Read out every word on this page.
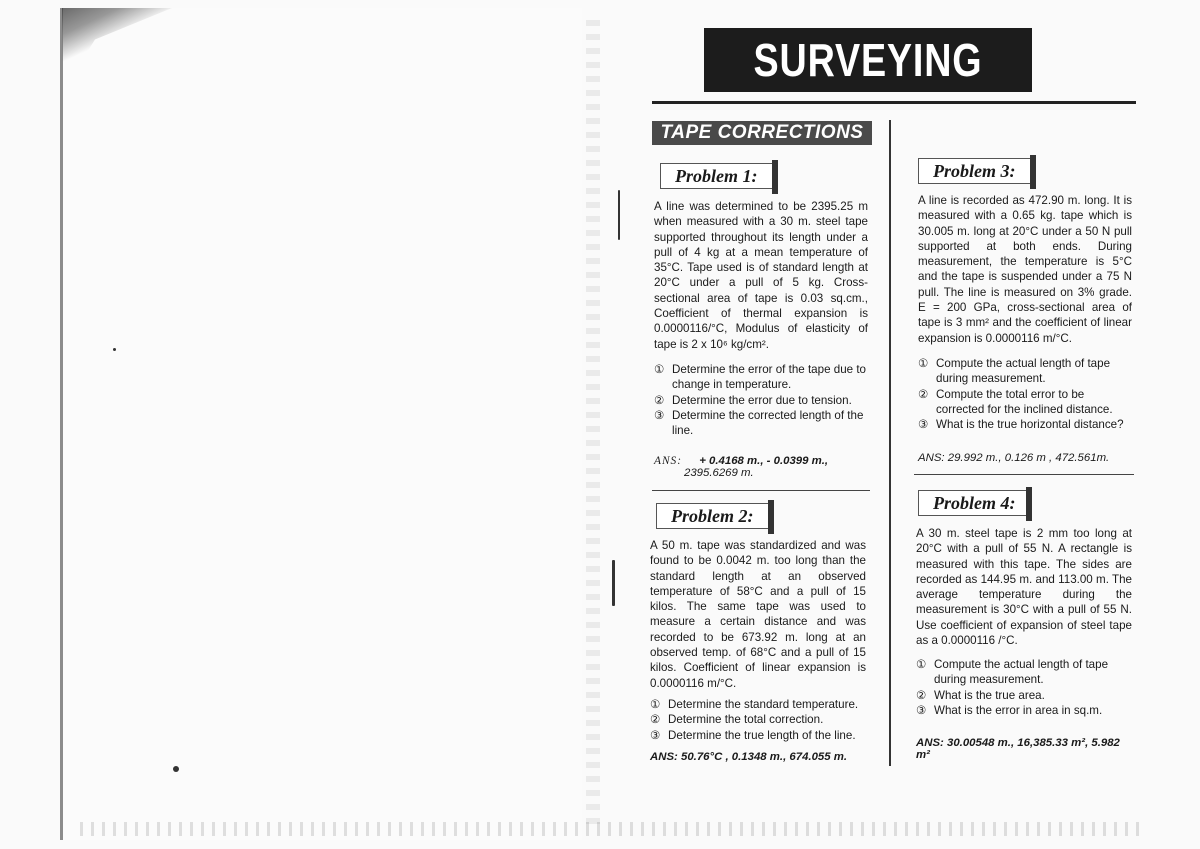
SURVEYING
TAPE CORRECTIONS
Problem 1:
A line was determined to be 2395.25 m when measured with a 30 m. steel tape supported throughout its length under a pull of 4 kg at a mean temperature of 35°C. Tape used is of standard length at 20°C under a pull of 5 kg. Cross-sectional area of tape is 0.03 sq.cm., Coefficient of thermal expansion is 0.0000116/°C, Modulus of elasticity of tape is 2 x 10⁶ kg/cm².
① Determine the error of the tape due to change in temperature.
② Determine the error due to tension.
③ Determine the corrected length of the line.
ANS: + 0.4168 m., - 0.0399 m.,
2395.6269 m.
Problem 2:
A 50 m. tape was standardized and was found to be 0.0042 m. too long than the standard length at an observed temperature of 58°C and a pull of 15 kilos. The same tape was used to measure a certain distance and was recorded to be 673.92 m. long at an observed temp. of 68°C and a pull of 15 kilos. Coefficient of linear expansion is 0.0000116 m/°C.
① Determine the standard temperature.
② Determine the total correction.
③ Determine the true length of the line.
ANS: 50.76°C , 0.1348 m., 674.055 m.
Problem 3:
A line is recorded as 472.90 m. long. It is measured with a 0.65 kg. tape which is 30.005 m. long at 20°C under a 50 N pull supported at both ends. During measurement, the temperature is 5°C and the tape is suspended under a 75 N pull. The line is measured on 3% grade. E = 200 GPa, cross-sectional area of tape is 3 mm² and the coefficient of linear expansion is 0.0000116 m/°C.
① Compute the actual length of tape during measurement.
② Compute the total error to be corrected for the inclined distance.
③ What is the true horizontal distance?
ANS: 29.992 m., 0.126 m , 472.561m.
Problem 4:
A 30 m. steel tape is 2 mm too long at 20°C with a pull of 55 N. A rectangle is measured with this tape. The sides are recorded as 144.95 m. and 113.00 m. The average temperature during the measurement is 30°C with a pull of 55 N. Use coefficient of expansion of steel tape as a 0.0000116 /°C.
① Compute the actual length of tape during measurement.
② What is the true area.
③ What is the error in area in sq.m.
ANS: 30.00548 m., 16,385.33 m², 5.982 m²
